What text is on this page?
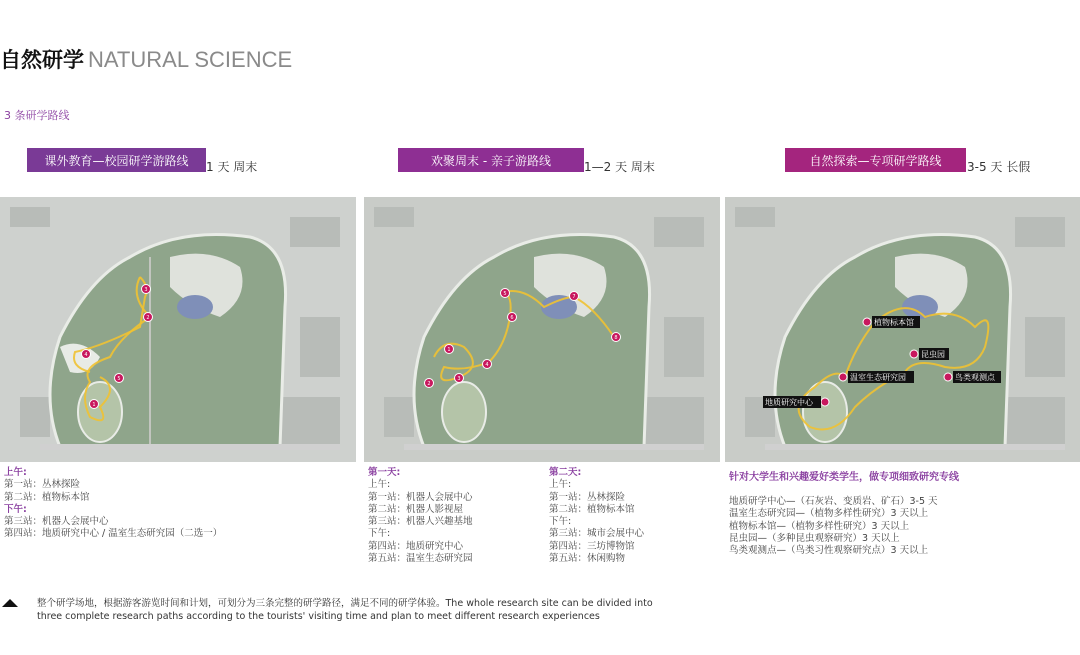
自然研学 NATURAL SCIENCE
3 条研学路线
课外教育—校园研学游路线 1 天 周末	欢聚周末 - 亲子游路线	1—2 天 周末	自然探索—专项研学路线 3-5 天 长假
3
2
4
1
5
1
2
3
4
5
6
7
8
植物标本馆
昆虫园
温室生态研究园	鸟类观测点
地质研究中心
上午:
第一站：丛林探险
第二站：植物标本馆
下午:
第三站：机器人会展中心
第四站：地质研究中心 / 温室生态研究园（二选一）
第一天:
上午:
第一站：机器人会展中心
第二站：机器人影视屋
第三站：机器人兴趣基地
下午:
第四站：地质研究中心
第五站：温室生态研究园
第二天:
上午:
第一站：丛林探险
第二站：植物标本馆
下午:
第三站：城市会展中心
第四站：三坊博物馆
第五站：休闲购物
针对大学生和兴趣爱好类学生，做专项细致研究专线
地质研学中心—（石灰岩、变质岩、矿石）3-5 天
温室生态研究园—（植物多样性研究）3 天以上
植物标本馆—（植物多样性研究）3 天以上
昆虫园—（多种昆虫观察研究）3 天以上
鸟类观测点—（鸟类习性观察研究点）3 天以上
整个研学场地，根据游客游览时间和计划，可划分为三条完整的研学路径，满足不同的研学体验。The whole research site can be divided into
three complete research paths according to the tourists' visiting time and plan to meet different research experiences
